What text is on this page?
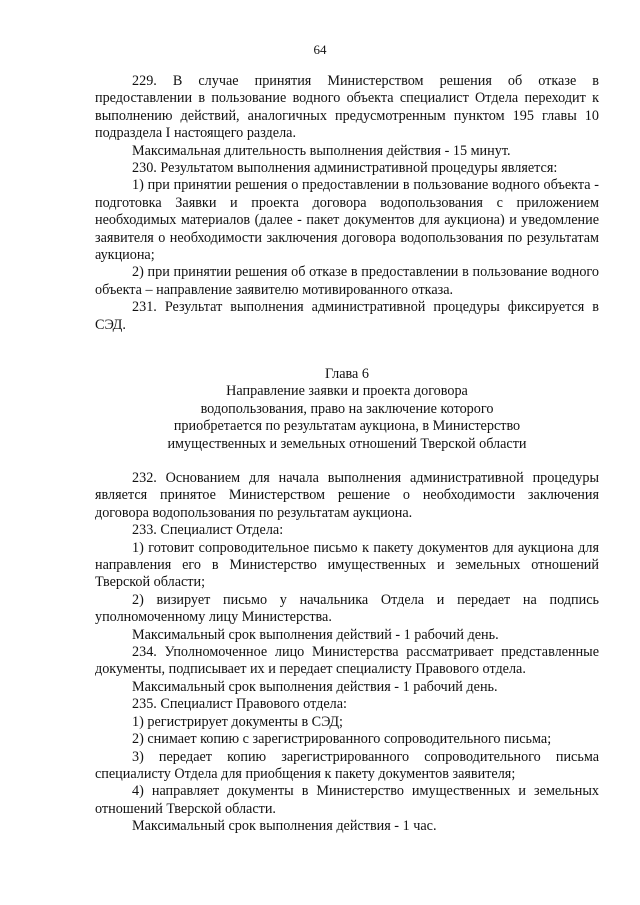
64

229. В случае принятия Министерством решения об отказе в предоставлении в пользование водного объекта специалист Отдела переходит к выполнению действий, аналогичных предусмотренным пунктом 195 главы 10 подраздела I настоящего раздела.

Максимальная длительность выполнения действия - 15 минут.

230. Результатом выполнения административной процедуры является:

1) при принятии решения о предоставлении в пользование водного объекта - подготовка Заявки и проекта договора водопользования с приложением необходимых материалов (далее - пакет документов для аукциона) и уведомление заявителя о необходимости заключения договора водопользования по результатам аукциона;

2) при принятии решения об отказе в предоставлении в пользование водного объекта – направление заявителю мотивированного отказа.

231. Результат выполнения административной процедуры фиксируется в СЭД.

Глава 6
Направление заявки и проекта договора
водопользования, право на заключение которого
приобретается по результатам аукциона, в Министерство
имущественных и земельных отношений Тверской области

232. Основанием для начала выполнения административной процедуры является принятое Министерством решение о необходимости заключения договора водопользования по результатам аукциона.

233. Специалист Отдела:

1) готовит сопроводительное письмо к пакету документов для аукциона для направления его в Министерство имущественных и земельных отношений Тверской области;

2) визирует письмо у начальника Отдела и передает на подпись уполномоченному лицу Министерства.

Максимальный срок выполнения действий - 1 рабочий день.

234. Уполномоченное лицо Министерства рассматривает представленные документы, подписывает их и передает специалисту Правового отдела.

Максимальный срок выполнения действия - 1 рабочий день.

235. Специалист Правового отдела:

1) регистрирует документы в СЭД;

2) снимает копию с зарегистрированного сопроводительного письма;

3) передает копию зарегистрированного сопроводительного письма специалисту Отдела для приобщения к пакету документов заявителя;

4) направляет документы в Министерство имущественных и земельных отношений Тверской области.

Максимальный срок выполнения действия - 1 час.
